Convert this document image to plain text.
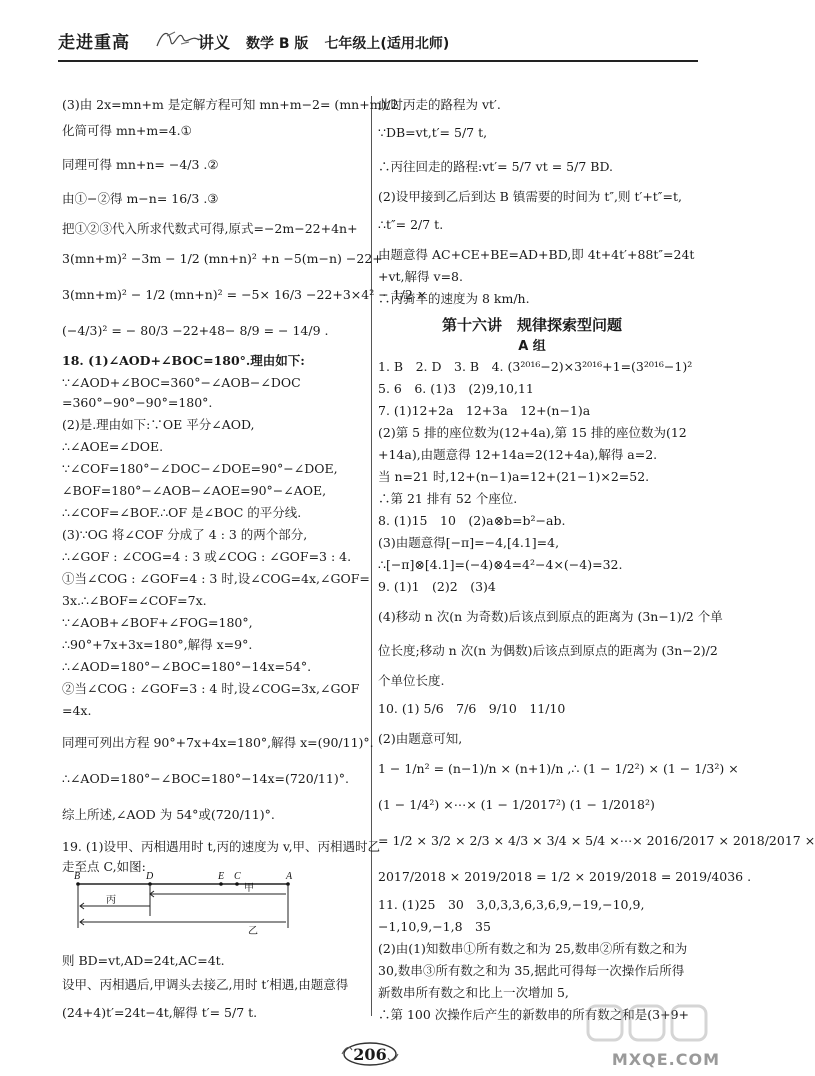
走进重高	讲义 数学 B 版 七年级上(适用北师)
(3)由 2x=mn+m 是定解方程可知 mn+m−2= (mn+m)/2 ,
化简可得 mn+m=4.①
同理可得 mn+n= −4/3 .②
由①−②得 m−n= 16/3 .③
把①②③代入所求代数式可得,原式=−2m−22+4n+
3(mn+m)² −3m − 1/2 (mn+n)² +n −5(m−n) −22+
3(mn+m)² − 1/2 (mn+n)² = −5× 16/3 −22+3×4² − 1/2 ×
(−4/3)² = − 80/3 −22+48− 8/9 = − 14/9 .
18. (1)∠AOD+∠BOC=180°.理由如下:
∵∠AOD+∠BOC=360°−∠AOB−∠DOC
=360°−90°−90°=180°.
(2)是.理由如下:∵OE 平分∠AOD,
∴∠AOE=∠DOE.
∵∠COF=180°−∠DOC−∠DOE=90°−∠DOE,
∠BOF=180°−∠AOB−∠AOE=90°−∠AOE,
∴∠COF=∠BOF.∴OF 是∠BOC 的平分线.
(3)∵OG 将∠COF 分成了 4 : 3 的两个部分,
∴∠GOF : ∠COG=4 : 3 或∠COG : ∠GOF=3 : 4.
①当∠COG : ∠GOF=4 : 3 时,设∠COG=4x,∠GOF=
3x.∴∠BOF=∠COF=7x.
∵∠AOB+∠BOF+∠FOG=180°,
∴90°+7x+3x=180°,解得 x=9°.
∴∠AOD=180°−∠BOC=180°−14x=54°.
②当∠COG : ∠GOF=3 : 4 时,设∠COG=3x,∠GOF
=4x.
同理可列出方程 90°+7x+4x=180°,解得 x=(90/11)°.
∴∠AOD=180°−∠BOC=180°−14x=(720/11)°.
综上所述,∠AOD 为 54°或(720/11)°.
19. (1)设甲、丙相遇用时 t,丙的速度为 v,甲、丙相遇时乙
走至点 C,如图:
则 BD=vt,AD=24t,AC=4t.
设甲、丙相遇后,甲调头去接乙,用时 t′相遇,由题意得
(24+4)t′=24t−4t,解得 t′= 5/7 t.
B	D	E C	A
甲
丙
乙
此时丙走的路程为 vt′.
∵DB=vt,t′= 5/7 t,
∴丙往回走的路程:vt′= 5/7 vt = 5/7 BD.
(2)设甲接到乙后到达 B 镇需要的时间为 t″,则 t′+t″=t,
∴t″= 2/7 t.
由题意得 AC+CE+BE=AD+BD,即 4t+4t′+88t″=24t
+vt,解得 v=8.
∴丙骑车的速度为 8 km/h.
第十六讲　规律探索型问题
A 组
1. B　2. D　3. B　4. (3²⁰¹⁶−2)×3²⁰¹⁶+1=(3²⁰¹⁶−1)²
5. 6　6. (1)3　(2)9,10,11
7. (1)12+2a　12+3a　12+(n−1)a
(2)第 5 排的座位数为(12+4a),第 15 排的座位数为(12
+14a),由题意得 12+14a=2(12+4a),解得 a=2.
当 n=21 时,12+(n−1)a=12+(21−1)×2=52.
∴第 21 排有 52 个座位.
8. (1)15　10　(2)a⊗b=b²−ab.
(3)由题意得[−π]=−4,[4.1]=4,
∴[−π]⊗[4.1]=(−4)⊗4=4²−4×(−4)=32.
9. (1)1　(2)2　(3)4
(4)移动 n 次(n 为奇数)后该点到原点的距离为 (3n−1)/2 个单
位长度;移动 n 次(n 为偶数)后该点到原点的距离为 (3n−2)/2
个单位长度.
10. (1) 5/6　7/6　9/10　11/10
(2)由题意可知,
1 − 1/n² = (n−1)/n × (n+1)/n ,∴ (1 − 1/2²) × (1 − 1/3²) ×
(1 − 1/4²) ×⋯× (1 − 1/2017²) (1 − 1/2018²)
= 1/2 × 3/2 × 2/3 × 4/3 × 3/4 × 5/4 ×⋯× 2016/2017 × 2018/2017 ×
2017/2018 × 2019/2018 = 1/2 × 2019/2018 = 2019/4036 .
11. (1)25　30　3,0,3,3,6,3,6,9,−19,−10,9,
−1,10,9,−1,8　35
(2)由(1)知数串①所有数之和为 25,数串②所有数之和为
30,数串③所有数之和为 35,据此可得每一次操作后所得
新数串所有数之和比上一次增加 5,
∴第 100 次操作后产生的新数串的所有数之和是(3+9+
206	MXQE.COM
